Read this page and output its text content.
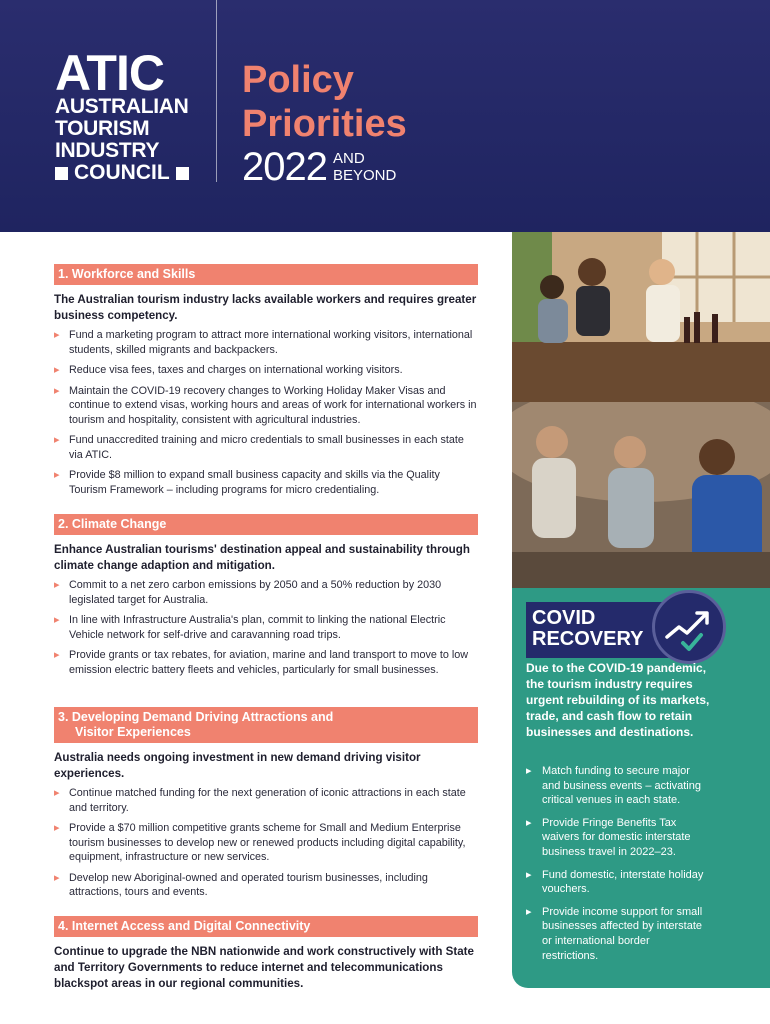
ATIC
AUSTRALIAN
TOURISM
INDUSTRY
COUNCIL
Policy
Priorities
2022 AND
BEYOND
COVID
RECOVERY
Due to the COVID-19 pandemic, the tourism industry requires urgent rebuilding of its markets, trade, and cash flow to retain businesses and destinations.
▸ Match funding to secure major and business events – activating critical venues in each state.
▸ Provide Fringe Benefits Tax waivers for domestic interstate business travel in 2022–23.
▸ Fund domestic, interstate holiday vouchers.
▸ Provide income support for small businesses affected by interstate or international border restrictions.
1. Workforce and Skills
The Australian tourism industry lacks available workers and requires greater business competency.
▸ Fund a marketing program to attract more international working visitors, international students, skilled migrants and backpackers.
▸ Reduce visa fees, taxes and charges on international working visitors.
▸ Maintain the COVID-19 recovery changes to Working Holiday Maker Visas and continue to extend visas, working hours and areas of work for international workers in tourism and hospitality, consistent with agricultural industries.
▸ Fund unaccredited training and micro credentials to small businesses in each state via ATIC.
▸ Provide $8 million to expand small business capacity and skills via the Quality Tourism Framework – including programs for micro credentialing.
2. Climate Change
Enhance Australian tourisms' destination appeal and sustainability through climate change adaption and mitigation.
▸ Commit to a net zero carbon emissions by 2050 and a 50% reduction by 2030 legislated target for Australia.
▸ In line with Infrastructure Australia's plan, commit to linking the national Electric Vehicle network for self-drive and caravanning road trips.
▸ Provide grants or tax rebates, for aviation, marine and land transport to move to low emission electric battery fleets and vehicles, particularly for small businesses.
3. Developing Demand Driving Attractions and
Visitor Experiences
Australia needs ongoing investment in new demand driving visitor experiences.
▸ Continue matched funding for the next generation of iconic attractions in each state and territory.
▸ Provide a $70 million competitive grants scheme for Small and Medium Enterprise tourism businesses to develop new or renewed products including digital capability, equipment, infrastructure or new services.
▸ Develop new Aboriginal-owned and operated tourism businesses, including attractions, tours and events.
4. Internet Access and Digital Connectivity
Continue to upgrade the NBN nationwide and work constructively with State and Territory Governments to reduce internet and telecommunications blackspot areas in our regional communities.
